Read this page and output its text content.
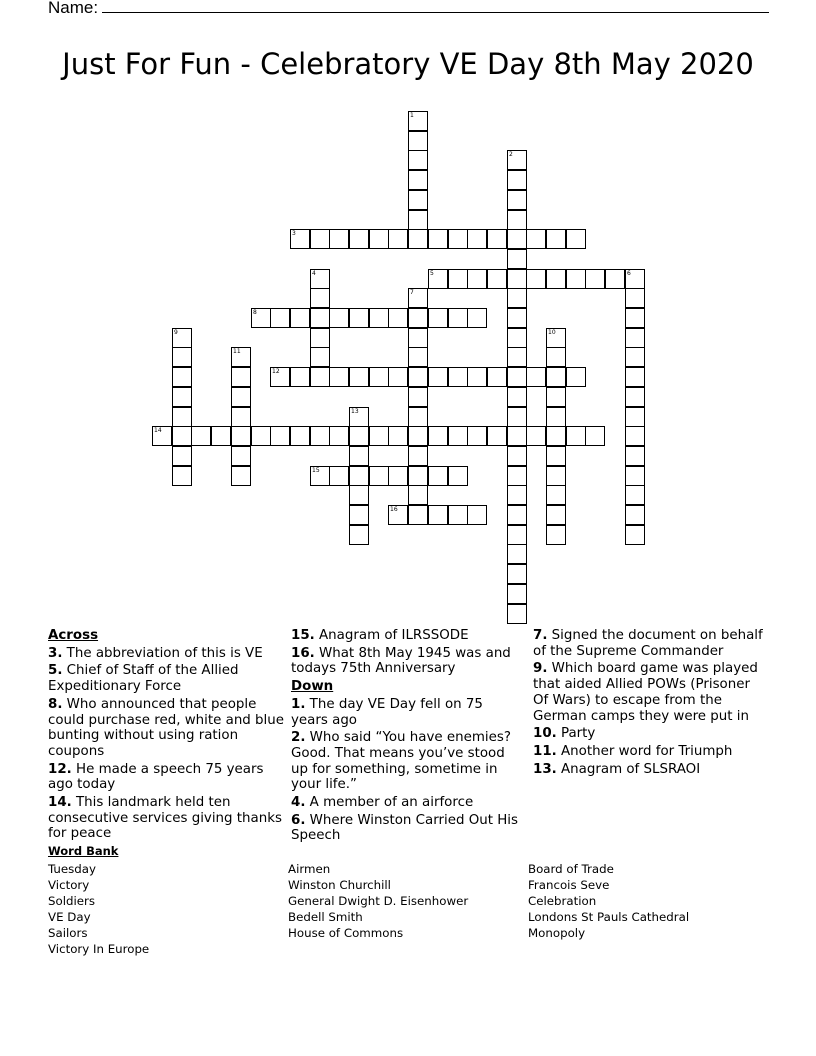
Name:
Just For Fun - Celebratory VE Day 8th May 2020
1
2
3
4	5	6
7
8
9	10
11
12
13
14
15
16
Across
3. The abbreviation of this is VE
5. Chief of Staff of the Allied Expeditionary Force
8. Who announced that people could purchase red, white and blue bunting without using ration coupons
12. He made a speech 75 years ago today
14. This landmark held ten consecutive services giving thanks for peace
15. Anagram of ILRSSODE
16. What 8th May 1945 was and todays 75th Anniversary
Down
1. The day VE Day fell on 75 years ago
2. Who said “You have enemies? Good. That means you’ve stood up for something, sometime in your life.”
4. A member of an airforce
6. Where Winston Carried Out His Speech
7. Signed the document on behalf of the Supreme Commander
9. Which board game was played that aided Allied POWs (Prisoner Of Wars) to escape from the German camps they were put in
10. Party
11. Another word for Triumph
13. Anagram of SLSRAOI
Word Bank
Tuesday
Victory
Soldiers
VE Day
Sailors
Victory In Europe
Airmen
Winston Churchill
General Dwight D. Eisenhower
Bedell Smith
House of Commons
Board of Trade
Francois Seve
Celebration
Londons St Pauls Cathedral
Monopoly
